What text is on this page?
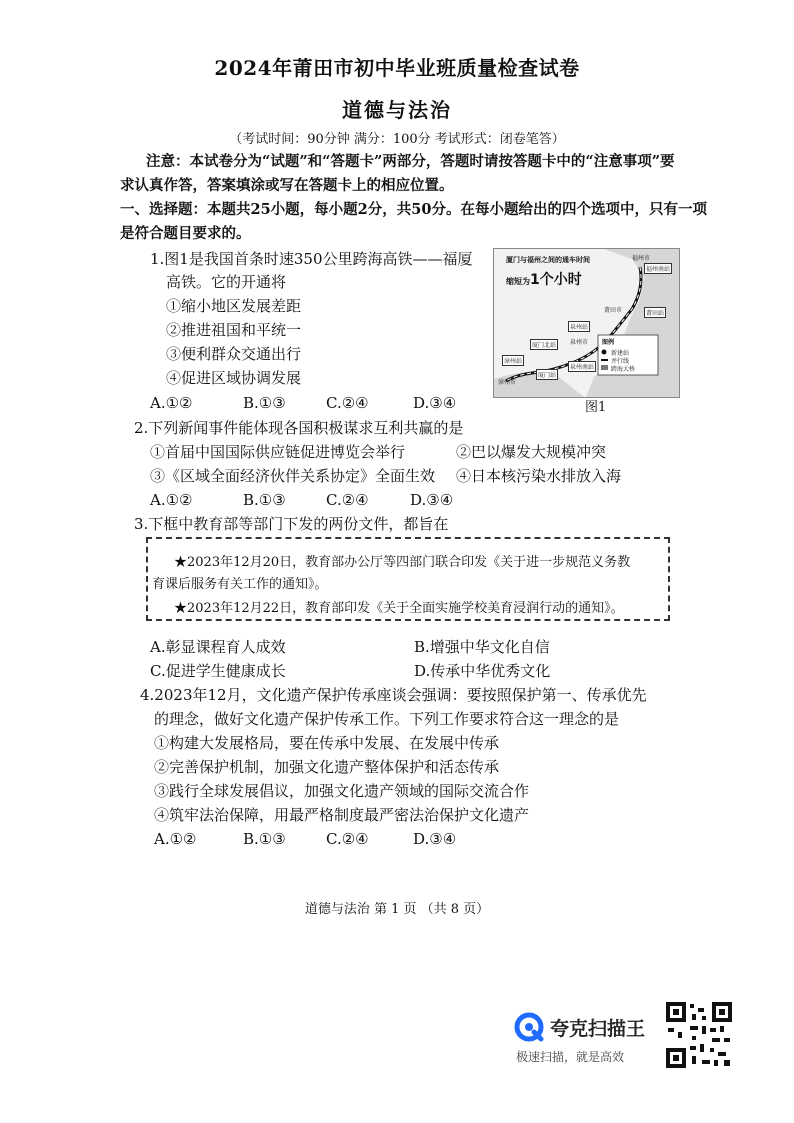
2024年莆田市初中毕业班质量检查试卷
道德与法治
（考试时间：90分钟 满分：100分 考试形式：闭卷笔答）
注意：本试卷分为“试题”和“答题卡”两部分，答题时请按答题卡中的“注意事项”要
求认真作答，答案填涂或写在答题卡上的相应位置。
一、选择题：本题共25小题，每小题2分，共50分。在每小题给出的四个选项中，只有一项
是符合题目要求的。
1.图1是我国首条时速350公里跨海高铁——福厦
高铁。它的开通将
①缩小地区发展差距
②推进祖国和平统一
③便利群众交通出行
④促进区域协调发展
A.①②	B.①③	C.②④	D.③④
厦门与福州之间的通车时间
缩短为1个小时
福州市
福州南站
莆田市	莆田站
泉州站
泉州市
厦门北站
漳州站
厦门站
泉州南站
漳州市
图例
新建站
并行线
跨海大桥
图1
2.下列新闻事件能体现各国积极谋求互利共赢的是
①首届中国国际供应链促进博览会举行	②巴以爆发大规模冲突
③《区域全面经济伙伴关系协定》全面生效 ④日本核污染水排放入海
A.①②	B.①③	C.②④	D.③④
3.下框中教育部等部门下发的两份文件，都旨在
★2023年12月20日，教育部办公厅等四部门联合印发《关于进一步规范义务教
育课后服务有关工作的通知》。
★2023年12月22日，教育部印发《关于全面实施学校美育浸润行动的通知》。
A.彰显课程育人成效	B.增强中华文化自信
C.促进学生健康成长	D.传承中华优秀文化
4.2023年12月，文化遗产保护传承座谈会强调：要按照保护第一、传承优先
的理念，做好文化遗产保护传承工作。下列工作要求符合这一理念的是
①构建大发展格局，要在传承中发展、在发展中传承
②完善保护机制，加强文化遗产整体保护和活态传承
③践行全球发展倡议，加强文化遗产领域的国际交流合作
④筑牢法治保障，用最严格制度最严密法治保护文化遗产
A.①②	B.①③	C.②④	D.③④
道德与法治 第 1 页 （共 8 页）
夸克扫描王
极速扫描，就是高效
